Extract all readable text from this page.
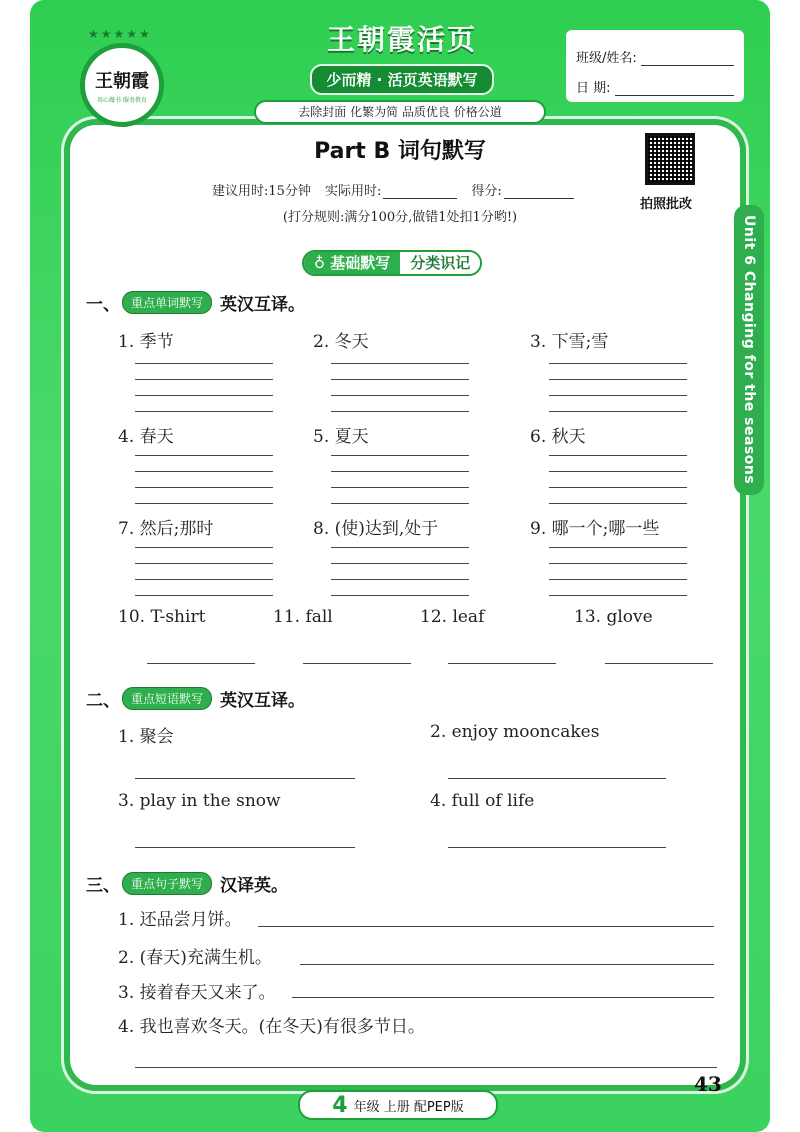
★★★★★
王朝霞
用心做书 服务教育
王朝霞活页
少而精 · 活页英语默写
去除封面 化繁为简 品质优良 价格公道
班级/姓名:
日 期:
Part B 词句默写
建议用时:15分钟 实际用时:	得分:
(打分规则:满分100分,做错1处扣1分哟!)
拍照批改
Unit 6 Changing for the seasons
♁ 基础默写	分类识记
一、 重点单词默写	英汉互译。
1. 季节	2. 冬天	3. 下雪;雪
4. 春天	5. 夏天	6. 秋天
7. 然后;那时	8. (使)达到,处于	9. 哪一个;哪一些
10. T-shirt	11. fall	12. leaf	13. glove
二、 重点短语默写	英汉互译。
1. 聚会	2. enjoy mooncakes
3. play in the snow	4. full of life
三、 重点句子默写	汉译英。
1. 还品尝月饼。
2. (春天)充满生机。
3. 接着春天又来了。
4. 我也喜欢冬天。(在冬天)有很多节日。
4 年级 上册 配PEP版
43
